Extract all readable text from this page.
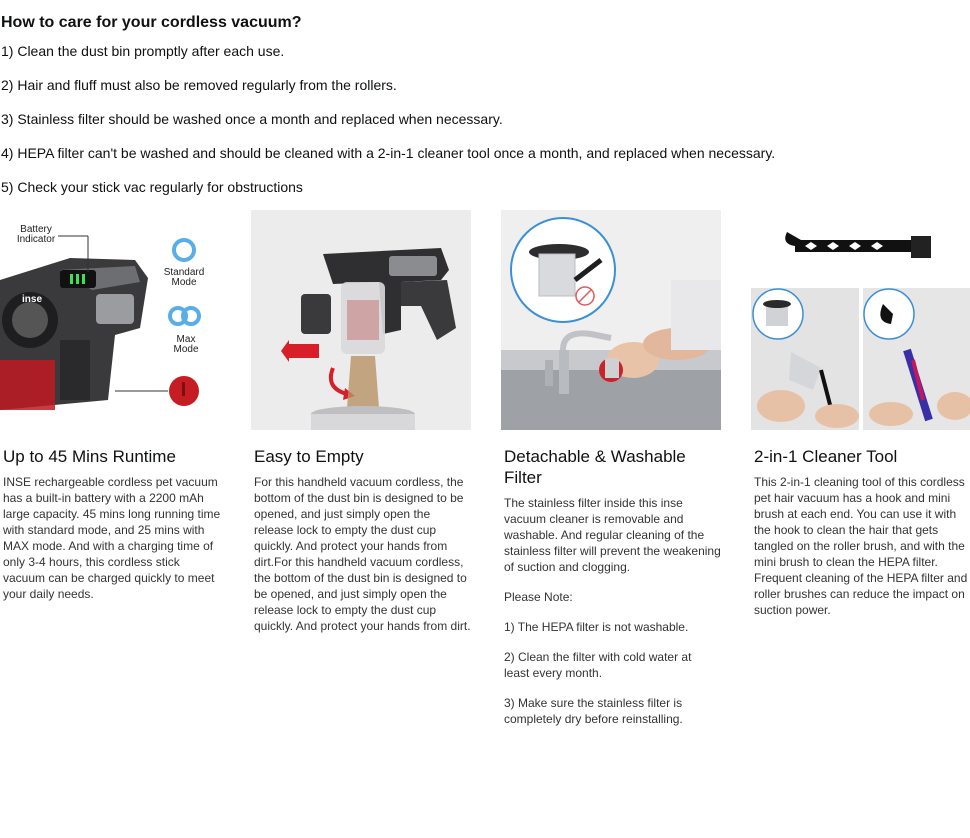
How to care for your cordless vacuum?

1) Clean the dust bin promptly after each use.

2) Hair and fluff must also be removed regularly from the rollers.

3) Stainless filter should be washed once a month and replaced when necessary.

4) HEPA filter can't be washed and should be cleaned with a 2-in-1 cleaner tool once a month, and replaced when necessary.

5) Check your stick vac regularly for obstructions

Battery
Indicator
Standard
Mode
Max
Mode
inse
Up to 45 Mins Runtime

INSE rechargeable cordless pet vacuum has a built-in battery with a 2200 mAh large capacity. 45 mins long running time with standard mode, and 25 mins with MAX mode. And with a charging time of only 3-4 hours, this cordless stick vacuum can be charged quickly to meet your daily needs.

Easy to Empty

For this handheld vacuum cordless, the bottom of the dust bin is designed to be opened, and just simply open the release lock to empty the dust cup quickly. And protect your hands from dirt.For this handheld vacuum cordless, the bottom of the dust bin is designed to be opened, and just simply open the release lock to empty the dust cup quickly. And protect your hands from dirt.

Detachable & Washable Filter

The stainless filter inside this inse vacuum cleaner is removable and washable. And regular cleaning of the stainless filter will prevent the weakening of suction and clogging.

Please Note:

1) The HEPA filter is not washable.

2) Clean the filter with cold water at least every month.

3) Make sure the stainless filter is completely dry before reinstalling.

2-in-1 Cleaner Tool

This 2-in-1 cleaning tool of this cordless pet hair vacuum has a hook and mini brush at each end. You can use it with the hook to clean the hair that gets tangled on the roller brush, and with the mini brush to clean the HEPA filter. Frequent cleaning of the HEPA filter and roller brushes can reduce the impact on suction power.
